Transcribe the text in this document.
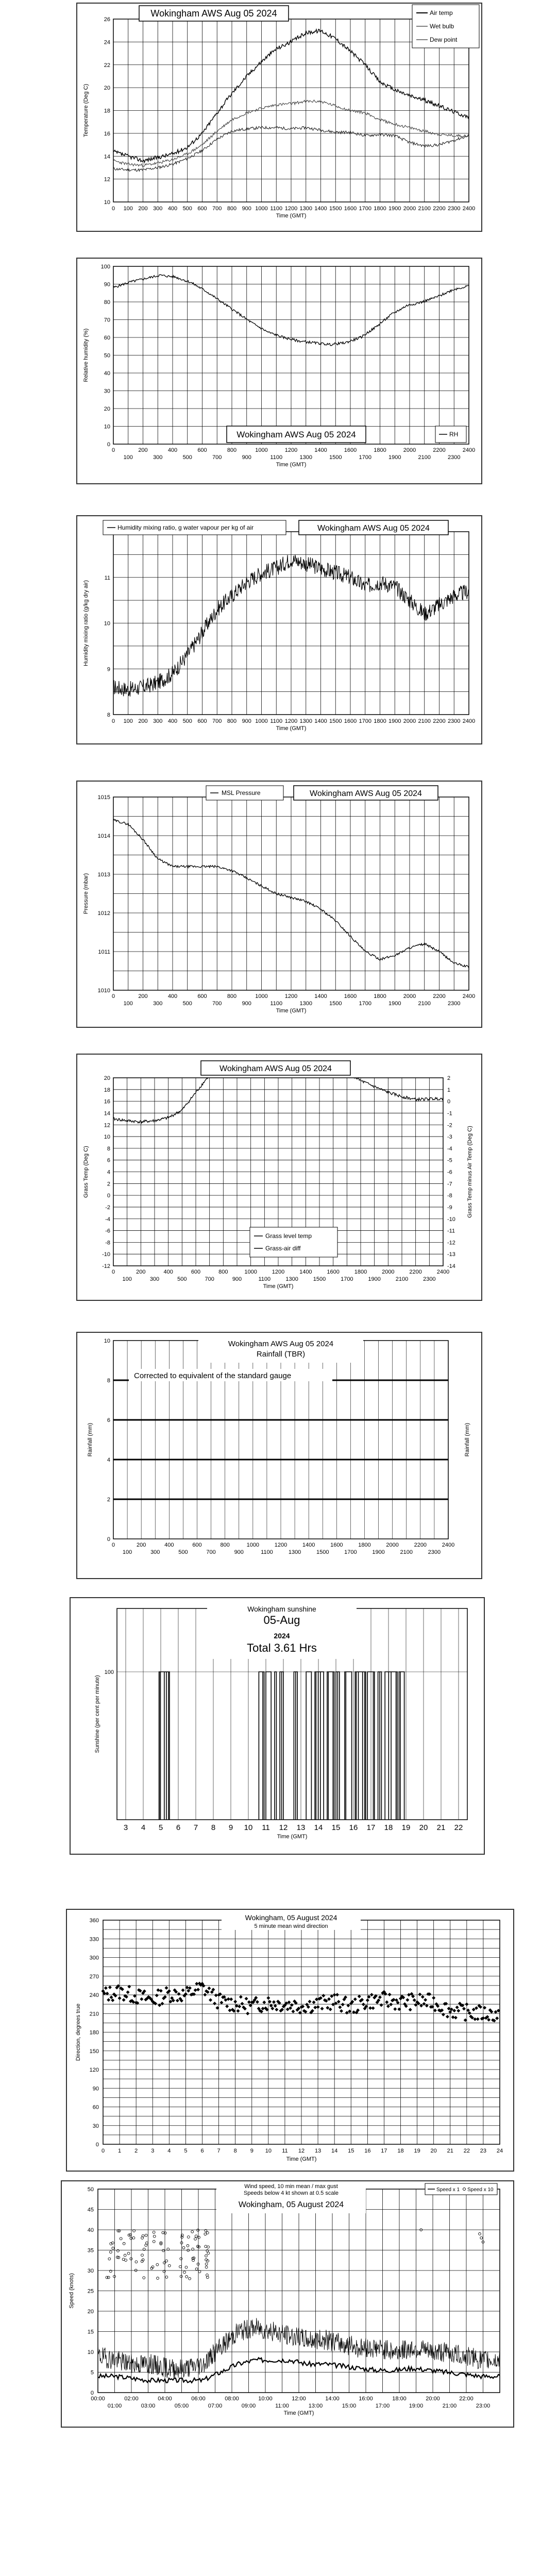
10
12
14
16
18
20
22
24
26
0 100 200 300 400 500 600 700 800 900 1000 1100 1200 1300 1400 1500 1600 1700 1800 1900 2000 2100 2200 2300 2400
Time (GMT)
Temperature (Deg C)
Wokingham AWS Aug 05 2024	Air temp
Wet bulb
Dew point
0
10
20
30
40
50
60
70
80
90
100
0	200	400	600	800	1000	1200	1400	1600	1800	2000	2200	2400
100	300	500	700	900	1100	1300	1500	1700	1900	2100	2300
Time (GMT)
Relative humidity (%)
Wokingham AWS Aug 05 2024	RH
8
9
10
11
0 100 200 300 400 500 600 700 800 900 1000 1100 1200 1300 1400 1500 1600 1700 1800 1900 2000 2100 2200 2300 2400
Time (GMT)
Humidity mixing ratio (g/kg dry air)
Humidity mixing ratio, g water vapour per kg of air	Wokingham AWS Aug 05 2024
1010
1011
1012
1013
1014
1015
0	200	400	600	800	1000	1200	1400	1600	1800	2000	2200	2400
100	300	500	700	900	1100	1300	1500	1700	1900	2100	2300
Time (GMT)
Pressure (mbar)
MSL Pressure	Wokingham AWS Aug 05 2024
20
18
16
14
12
10
8
6
4
2
0
-2
-4
-6
-8
-10
-12
2
1
0
-1
-2
-3
-4
-5
-6
-7
-8
-9
-10
-11
-12
-13
-14
0	200	400	600	800	1000	1200	1400	1600	1800	2000	2200	2400
100	300	500	700	900	1100	1300	1500	1700	1900	2100	2300
Time (GMT)
Grass Temp (Deg C)	Grass Temp minus Air Temp (Deg C)
Wokingham AWS Aug 05 2024
Grass level temp
Grass-air diff
0
2
4
6
8
10
0	200	400	600	800	1000	1200	1400	1600	1800	2000	2200	2400
100	300	500	700	900	1100	1300	1500	1700	1900	2100	2300
Rainfall (mm)	Rainfall (mm)
Wokingham AWS Aug 05 2024
Rainfall (TBR)
Corrected to equivalent of the standard gauge
100
3 4 5 6 7 8 9 10 11 12 13 14 15 16 17 18 19 20 21 22
Time (GMT)
Sunshine (per cent per minute)
Wokingham sunshine
05-Aug
2024
Total 3.61 Hrs
0
30
60
90
120
150
180
210
240
270
300
330
360
0 1 2 3 4 5 6 7 8 9 10 11 12 13 14 15 16 17 18 19 20 21 22 23 24
Time (GMT)
Direction, degrees true
Wokingham, 05 August 2024
5 minute mean wind direction
0
5
10
15
20
25
30
35
40
45
50
00:00	02:00	04:00	06:00	08:00	10:00	12:00	14:00	16:00	18:00	20:00	22:00
01:00	03:00	05:00	07:00	09:00	11:00	13:00	15:00	17:00	19:00	21:00	23:00
Time (GMT)
Speed (knots)
Wind speed, 10 min mean / max gust
Speeds below 4 kt shown at 0.5 scale
Wokingham, 05 August 2024
Speed x 1 Speed x 10
